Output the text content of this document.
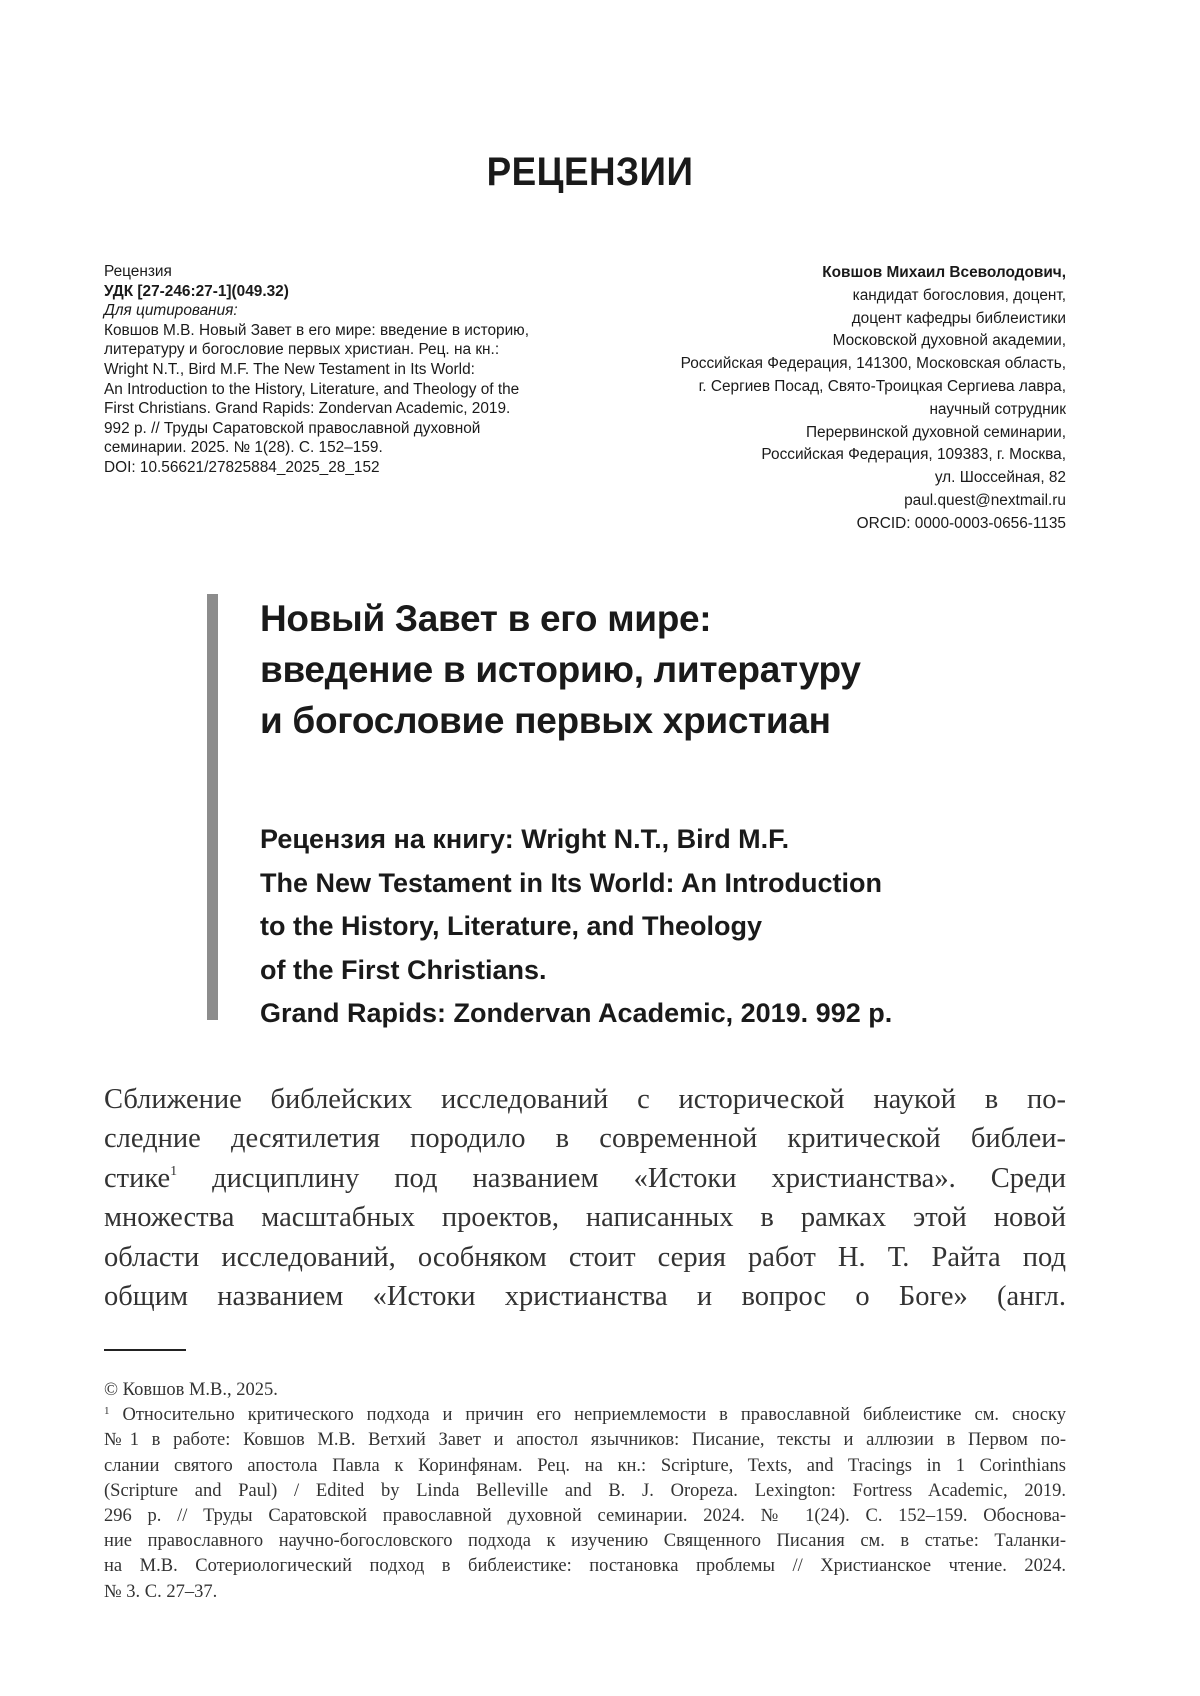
РЕЦЕНЗИИ
Рецензия
УДК [27-246:27-1](049.32)
Для цитирования:
Ковшов М.В. Новый Завет в его мире: введение в историю,
литературу и богословие первых христиан. Рец. на кн.:
Wright N.T., Bird M.F. The New Testament in Its World:
An Introduction to the History, Literature, and Theology of the
First Christians. Grand Rapids: Zondervan Academic, 2019.
992 p. // Труды Саратовской православной духовной
семинарии. 2025. № 1(28). С. 152–159.
DOI: 10.56621/27825884_2025_28_152
Ковшов Михаил Всеволодович,
кандидат богословия, доцент,
доцент кафедры библеистики
Московской духовной академии,
Российская Федерация, 141300, Московская область,
г. Сергиев Посад, Свято-Троицкая Сергиева лавра,
научный сотрудник
Перервинской духовной семинарии,
Российская Федерация, 109383, г. Москва,
ул. Шоссейная, 82
paul.quest@nextmail.ru
ORCID: 0000-0003-0656-1135
Новый Завет в его мире:
введение в историю, литературу
и богословие первых христиан
Рецензия на книгу: Wright N.T., Bird M.F.
The New Testament in Its World: An Introduction
to the History, Literature, and Theology
of the First Christians.
Grand Rapids: Zondervan Academic, 2019. 992 p.
Сближение библейских исследований с исторической наукой в по-
следние десятилетия породило в современной критической библеи-
стике$^1$ дисциплину под названием «Истоки христианства». Среди
множества масштабных проектов, написанных в рамках этой новой
области исследований, особняком стоит серия работ Н. Т. Райта под
общим названием «Истоки христианства и вопрос о Боге» (англ.
© Ковшов М.В., 2025.
$^1$ Относительно критического подхода и причин его неприемлемости в православной библеистике см. сноску
№1 в работе: Ковшов М.В. Ветхий Завет и апостол язычников: Писание, тексты и аллюзии в Первом по-
слании святого апостола Павла к Коринфянам. Рец. на кн.: Scripture, Texts, and Tracings in 1 Corinthians
(Scripture and Paul) / Edited by Linda Belleville and B. J. Oropeza. Lexington: Fortress Academic, 2019.
296 p. // Труды Саратовской православной духовной семинарии. 2024. № 1(24). С. 152–159. Обоснова-
ние православного научно-богословского подхода к изучению Священного Писания см. в статье: Таланки-
на М.В. Сотериологический подход в библеистике: постановка проблемы // Христианское чтение. 2024.
№ 3. С. 27–37.
